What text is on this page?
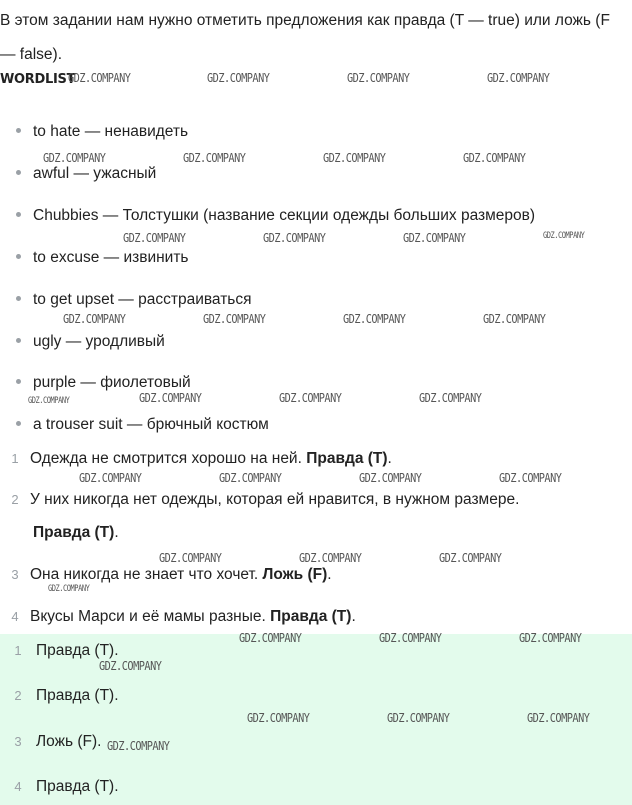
В этом задании нам нужно отметить предложения как правда (T — true) или ложь (F — false).

WORDLIST
to hate — ненавидеть
awful — ужасный
Chubbies — Толстушки (название секции одежды больших размеров)
to excuse — извинить
to get upset — расстраиваться
ugly — уродливый
purple — фиолетовый
a trouser suit — брючный костюм
1 Одежда не смотрится хорошо на ней. Правда (T).
2 У них никогда нет одежды, которая ей нравится, в нужном размере.
Правда (T).
3 Она никогда не знает что хочет. Ложь (F).
4 Вкусы Марси и её мамы разные. Правда (T).
1 Правда (T).
2 Правда (T).
3 Ложь (F).
4 Правда (T).
GDZ.COMPANY	GDZ.COMPANY	GDZ.COMPANY	GDZ.COMPANY
GDZ.COMPANY	GDZ.COMPANY	GDZ.COMPANY	GDZ.COMPANY
GDZ.COMPANY	GDZ.COMPANY	GDZ.COMPANY	GDZ.COMPANY
GDZ.COMPANY	GDZ.COMPANY	GDZ.COMPANY	GDZ.COMPANY
GDZ.COMPANY	GDZ.COMPANY	GDZ.COMPANY	GDZ.COMPANY
GDZ.COMPANY	GDZ.COMPANY	GDZ.COMPANY	GDZ.COMPANY
GDZ.COMPANY	GDZ.COMPANY	GDZ.COMPANY
GDZ.COMPANY
GDZ.COMPANY	GDZ.COMPANY	GDZ.COMPANY
GDZ.COMPANY
GDZ.COMPANY	GDZ.COMPANY	GDZ.COMPANY
GDZ.COMPANY
